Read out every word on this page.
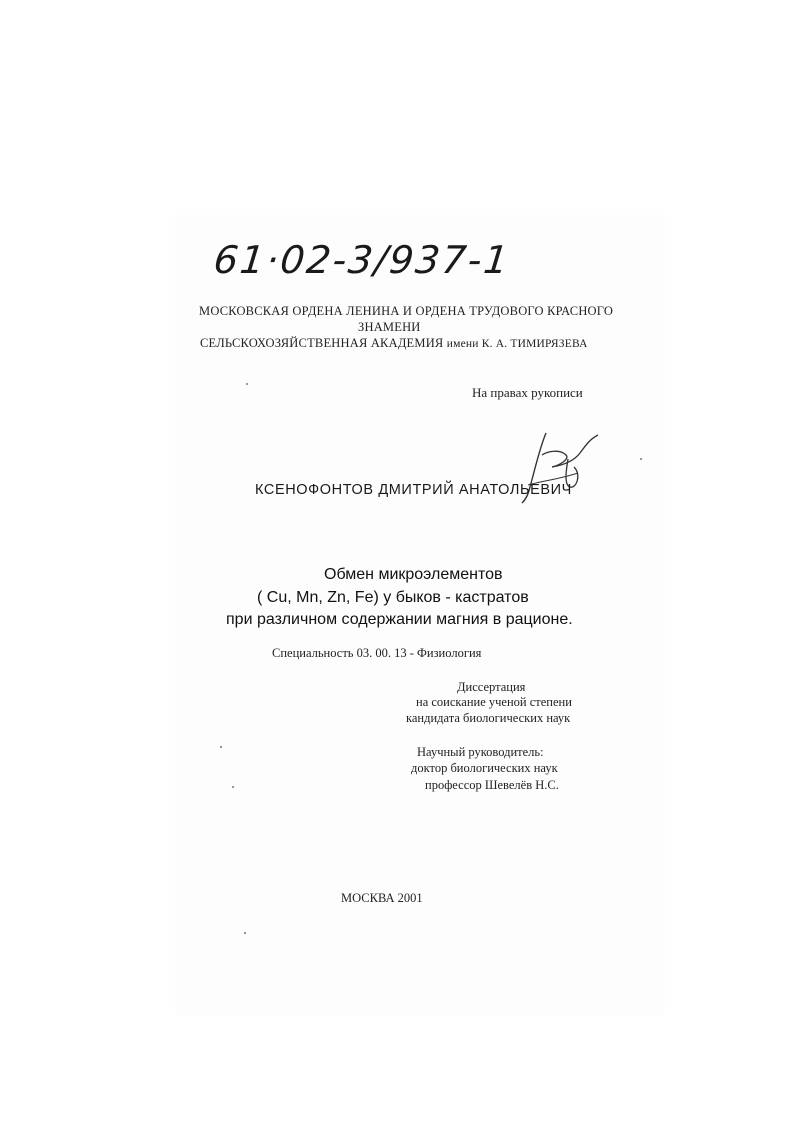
61·02-3/937-1
МОСКОВСКАЯ ОРДЕНА ЛЕНИНА И ОРДЕНА ТРУДОВОГО КРАСНОГО
ЗНАМЕНИ
СЕЛЬСКОХОЗЯЙСТВЕННАЯ АКАДЕМИЯ имени К. А. ТИМИРЯЗЕВА
На правах рукописи
КСЕНОФОНТОВ ДМИТРИЙ АНАТОЛЬЕВИЧ
Обмен микроэлементов
( Cu, Mn, Zn, Fe) у быков - кастратов
при различном содержании магния в рационе.
Специальность 03. 00. 13 - Физиология
Диссертация
на соискание ученой степени
кандидата биологических наук
Научный руководитель:
доктор биологических наук
профессор Шевелёв Н.С.
МОСКВА 2001
